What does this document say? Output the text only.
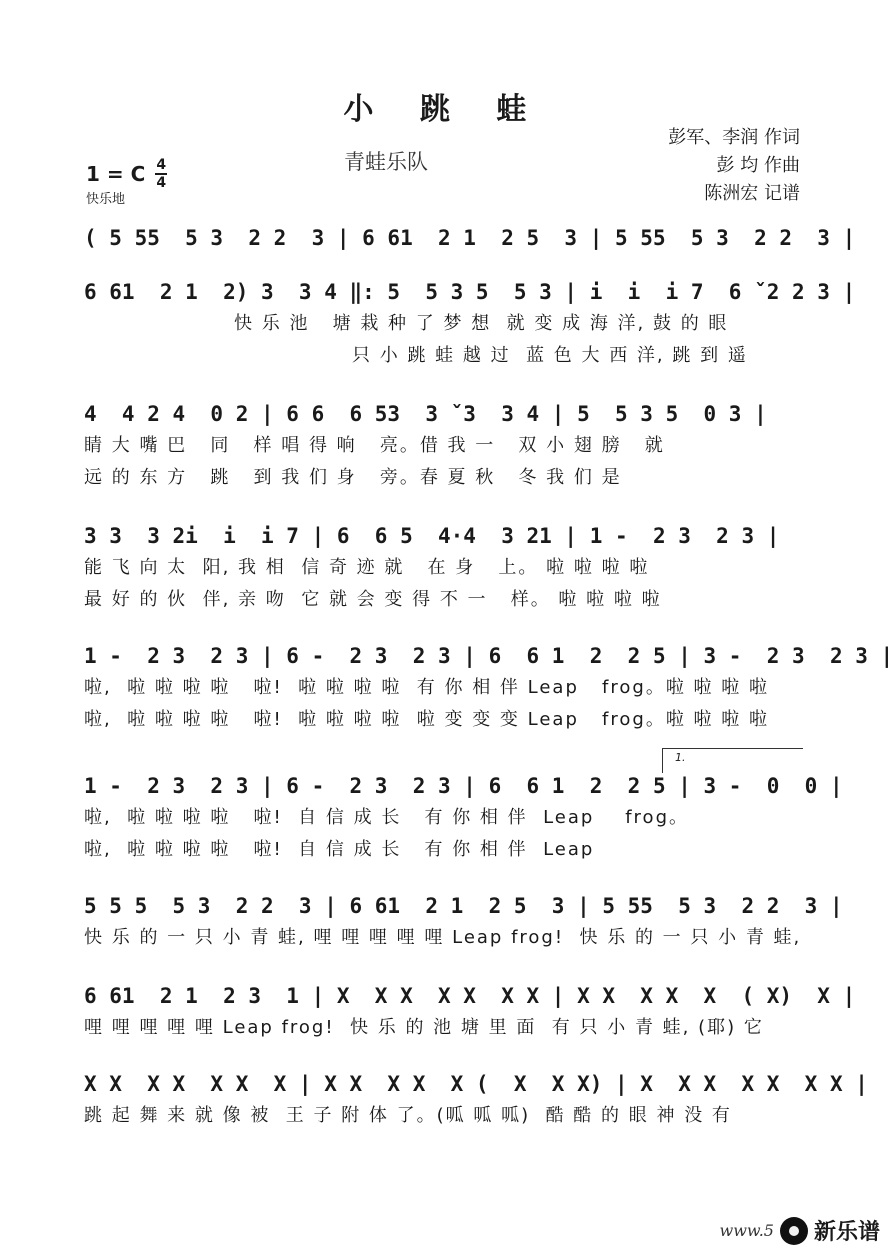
小 跳 蛙
青蛙乐队
彭军、李润 作词
彭 均 作曲
陈洲宏 记谱
1 = C 4
4
快乐地
( 5 55  5 3  2 2  3 | 6 61  2 1  2 5  3 | 5 55  5 3  2 2  3 |
6 61  2 1  2) 3  3 4 ‖: 5  5 3 5  5 3 | i  i  i 7  6 ˇ2 2 3 |
快 乐 池   塘 栽 种 了 梦 想  就 变 成 海 洋, 鼓 的 眼
只 小 跳 蛙 越 过  蓝 色 大 西 洋, 跳 到 遥
4  4 2 4  0 2 | 6 6  6 53  3 ˇ3  3 4 | 5  5 3 5  0 3 |
睛 大 嘴 巴   同   样 唱 得 响   亮。借 我 一   双 小 翅 膀   就
远 的 东 方   跳   到 我 们 身   旁。春 夏 秋   冬 我 们 是
3 3  3 2i  i  i 7 | 6  6 5  4·4  3 21 | 1 -  2 3  2 3 |
能 飞 向 太  阳, 我 相  信 奇 迹 就   在 身   上。 啦 啦 啦 啦
最 好 的 伙  伴, 亲 吻  它 就 会 变 得 不 一   样。 啦 啦 啦 啦
1 -  2 3  2 3 | 6 -  2 3  2 3 | 6  6 1  2  2 5 | 3 -  2 3  2 3 |
啦,  啦 啦 啦 啦   啦!  啦 啦 啦 啦  有 你 相 伴 Leap   frog。啦 啦 啦 啦
啦,  啦 啦 啦 啦   啦!  啦 啦 啦 啦  啦 变 变 变 Leap   frog。啦 啦 啦 啦
1.
1 -  2 3  2 3 | 6 -  2 3  2 3 | 6  6 1  2  2 5 | 3 -  0  0 |
啦,  啦 啦 啦 啦   啦!  自 信 成 长   有 你 相 伴  Leap    frog。
啦,  啦 啦 啦 啦   啦!  自 信 成 长   有 你 相 伴  Leap
5 5 5  5 3  2 2  3 | 6 61  2 1  2 5  3 | 5 55  5 3  2 2  3 |
快 乐 的 一 只 小 青 蛙, 哩 哩 哩 哩 哩 Leap frog!  快 乐 的 一 只 小 青 蛙,
6 61  2 1  2 3  1 | X  X X  X X  X X | X X  X X  X  ( X)  X |
哩 哩 哩 哩 哩 Leap frog!  快 乐 的 池 塘 里 面  有 只 小 青 蛙, (耶) 它
X X  X X  X X  X | X X  X X  X (  X  X X) | X  X X  X X  X X |
跳 起 舞 来 就 像 被  王 子 附 体 了。(呱 呱 呱)  酷 酷 的 眼 神 没 有
www.5 新乐谱
